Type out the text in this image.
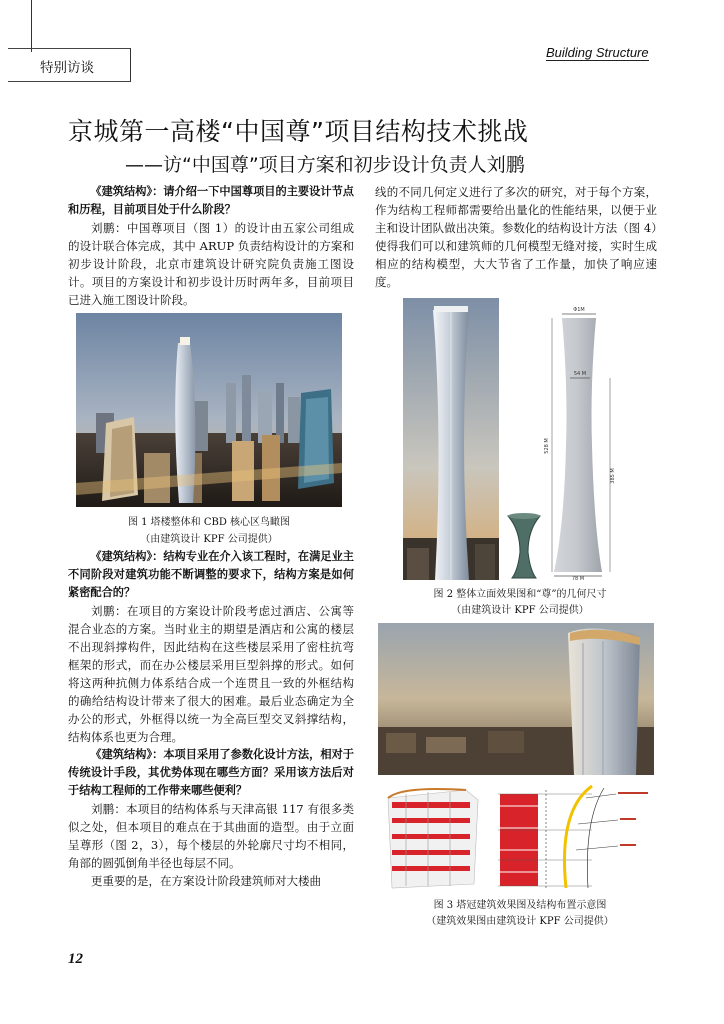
特别访谈
Building Structure
京城第一高楼“中国尊”项目结构技术挑战
——访“中国尊”项目方案和初步设计负责人刘鹏

《建筑结构》：请介绍一下中国尊项目的主要设计节点和历程，目前项目处于什么阶段？

刘鹏：中国尊项目（图 1）的设计由五家公司组成的设计联合体完成，其中 ARUP 负责结构设计的方案和初步设计阶段，北京市建筑设计研究院负责施工图设计。项目的方案设计和初步设计历时两年多，目前项目已进入施工图设计阶段。

图 1 塔楼整体和 CBD 核心区鸟瞰图
（由建筑设计 KPF 公司提供）

《建筑结构》：结构专业在介入该工程时，在满足业主不同阶段对建筑功能不断调整的要求下，结构方案是如何紧密配合的？

刘鹏：在项目的方案设计阶段考虑过酒店、公寓等混合业态的方案。当时业主的期望是酒店和公寓的楼层不出现斜撑构件，因此结构在这些楼层采用了密柱抗弯框架的形式，而在办公楼层采用巨型斜撑的形式。如何将这两种抗侧力体系结合成一个连贯且一致的外框结构的确给结构设计带来了很大的困难。最后业态确定为全办公的形式，外框得以统一为全高巨型交叉斜撑结构，结构体系也更为合理。

《建筑结构》：本项目采用了参数化设计方法，相对于传统设计手段，其优势体现在哪些方面？采用该方法后对于结构工程师的工作带来哪些便利？

刘鹏：本项目的结构体系与天津高银 117 有很多类似之处，但本项目的难点在于其曲面的造型。由于立面呈尊形（图 2，3），每个楼层的外轮廓尺寸均不相同，角部的圆弧倒角半径也每层不同。

更重要的是，在方案设计阶段建筑师对大楼曲

线的不同几何定义进行了多次的研究，对于每个方案，作为结构工程师都需要给出量化的性能结果，以便于业主和设计团队做出决策。参数化的结构设计方法（图 4）使得我们可以和建筑师的几何模型无缝对接，实时生成相应的结构模型，大大节省了工作量，加快了响应速度。

Φ1M
54 M
78 M
528 M
385 M
图 2 整体立面效果图和“尊”的几何尺寸
（由建筑设计 KPF 公司提供）
图 3 塔冠建筑效果图及结构布置示意图
（建筑效果图由建筑设计 KPF 公司提供）
12
